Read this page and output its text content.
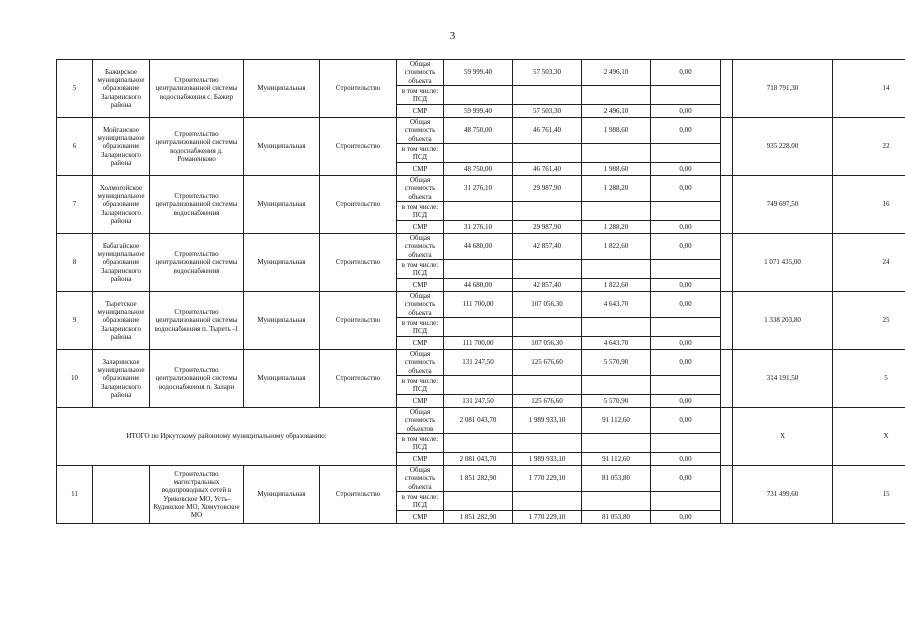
3
5	Бажирское муниципальное образование Заларинского района	Строительство централизованной системы водоснабжения с. Бажир	Муниципальная	Строительство	Общая стоимость объекта	59 999,40	57 503,30	2 496,10	0,00		718 791,30	14
					в том числе: ПСД							
					СМР	59 999,40	57 503,30	2 496,10	0,00			
6	Мойганское муниципальное образование Заларинского района	Строительство централизованной системы водоснабжения д. Романенково	Муниципальная	Строительство	Общая стоимость объекта	48 750,00	46 761,40	1 988,60	0,00		935 228,00	22
					в том числе: ПСД							
					СМР	48 750,00	46 761,40	1 988,60	0,00			
7	Холмогойское муниципальное образование Заларинского района	Строительство централизованной системы водоснабжения	Муниципальная	Строительство	Общая стоимость объекта	31 276,10	29 987,90	1 288,20	0,00		749 697,50	16
					в том числе: ПСД							
					СМР	31 276,10	29 987,90	1 288,20	0,00			
8	Бабагайское муниципальное образование Заларинского района	Строительство централизованной системы водоснабжения	Муниципальная	Строительство	Общая стоимость объекта	44 680,00	42 857,40	1 822,60	0,00		1 071 435,00	24
					в том числе: ПСД							
					СМР	44 680,00	42 857,40	1 822,60	0,00			
9	Тыретское муниципальное образование Заларинского района	Строительство централизованной системы водоснабжения п. Тыреть -1	Муниципальная	Строительство	Общая стоимость объекта	111 700,00	107 056,30	4 643,70	0,00		1 338 203,80	25
					в том числе: ПСД							
					СМР	111 700,00	107 056,30	4 643,70	0,00			
10	Заларинское муниципальное образование Заларинского района	Строительство централизованной системы водоснабжения п. Залари	Муниципальная	Строительство	Общая стоимость объекта	131 247,50	125 676,60	5 570,90	0,00		314 191,50	5
					в том числе: ПСД							
					СМР	131 247,50	125 676,60	5 570,90	0,00			
ИТОГО по Иркутскому районному муниципальному образованию:					Общая стоимость объектов	2 081 043,70	1 989 933,10	91 112,60	0,00		X	X
					в том числе: ПСД							
					СМР	2 081 043,70	1 989 933,10	91 112,60	0,00			
11		Строительство магистральных водопроводных сетей в Уриковское МО, Усть-Кудинское МО, Хомутовское МО	Муниципальная	Строительство	Общая стоимость объекта	1 851 282,90	1 770 229,10	81 053,80	0,00		731 499,60	15
					в том числе: ПСД							
					СМР	1 851 282,90	1 770 229,10	81 053,80	0,00			
